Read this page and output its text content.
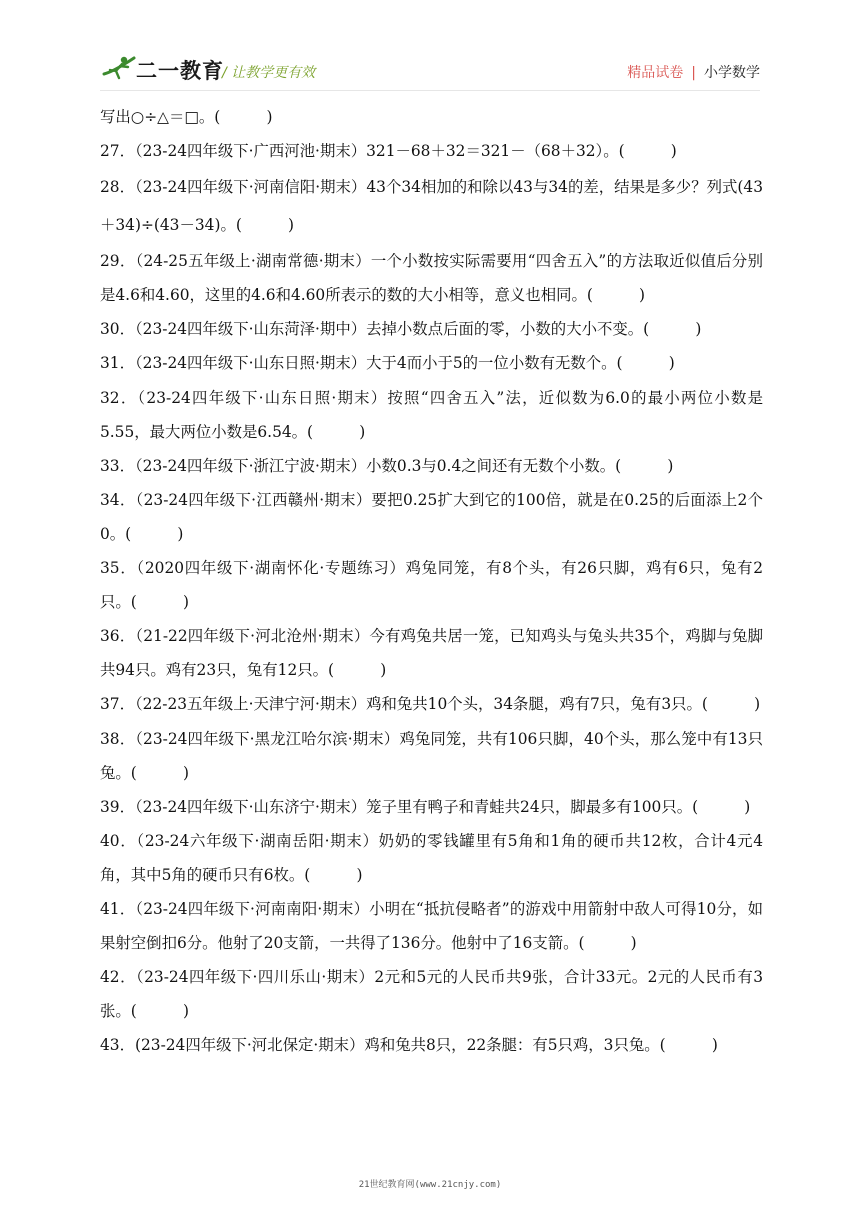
二一教育
/ 让教学更有效	精品试卷 | 小学数学
写出○÷△＝□。(　　　)
27．（23-24四年级下·广西河池·期末）321－68＋32＝321－（68＋32）。(　　　)
28．（23-24四年级下·河南信阳·期末）43个34相加的和除以43与34的差，结果是多少？列式(43＋34)÷(43－34)。(　　　)
29．（24-25五年级上·湖南常德·期末）一个小数按实际需要用“四舍五入”的方法取近似值后分别是4.6和4.60，这里的4.6和4.60所表示的数的大小相等，意义也相同。(　　　)
30．（23-24四年级下·山东菏泽·期中）去掉小数点后面的零，小数的大小不变。(　　　)
31．（23-24四年级下·山东日照·期末）大于4而小于5的一位小数有无数个。(　　　)
32．（23-24四年级下·山东日照·期末）按照“四舍五入”法，近似数为6.0的最小两位小数是5.55，最大两位小数是6.54。(　　　)
33．（23-24四年级下·浙江宁波·期末）小数0.3与0.4之间还有无数个小数。(　　　)
34．（23-24四年级下·江西赣州·期末）要把0.25扩大到它的100倍，就是在0.25的后面添上2个0。(　　　)
35．（2020四年级下·湖南怀化·专题练习）鸡兔同笼，有8个头，有26只脚，鸡有6只，兔有2只。(　　　)
36．（21-22四年级下·河北沧州·期末）今有鸡兔共居一笼，已知鸡头与兔头共35个，鸡脚与兔脚共94只。鸡有23只，兔有12只。(　　　)
37．（22-23五年级上·天津宁河·期末）鸡和兔共10个头，34条腿，鸡有7只，兔有3只。(　　　)
38．（23-24四年级下·黑龙江哈尔滨·期末）鸡兔同笼，共有106只脚，40个头，那么笼中有13只兔。(　　　)
39．（23-24四年级下·山东济宁·期末）笼子里有鸭子和青蛙共24只，脚最多有100只。(　　　)
40．（23-24六年级下·湖南岳阳·期末）奶奶的零钱罐里有5角和1角的硬币共12枚，合计4元4角，其中5角的硬币只有6枚。(　　　)
41．（23-24四年级下·河南南阳·期末）小明在“抵抗侵略者”的游戏中用箭射中敌人可得10分，如果射空倒扣6分。他射了20支箭，一共得了136分。他射中了16支箭。(　　　)
42．（23-24四年级下·四川乐山·期末）2元和5元的人民币共9张，合计33元。2元的人民币有3张。(　　　)
43．(23-24四年级下·河北保定·期末）鸡和兔共8只，22条腿：有5只鸡，3只兔。(　　　)
21世纪教育网(www.21cnjy.com)
